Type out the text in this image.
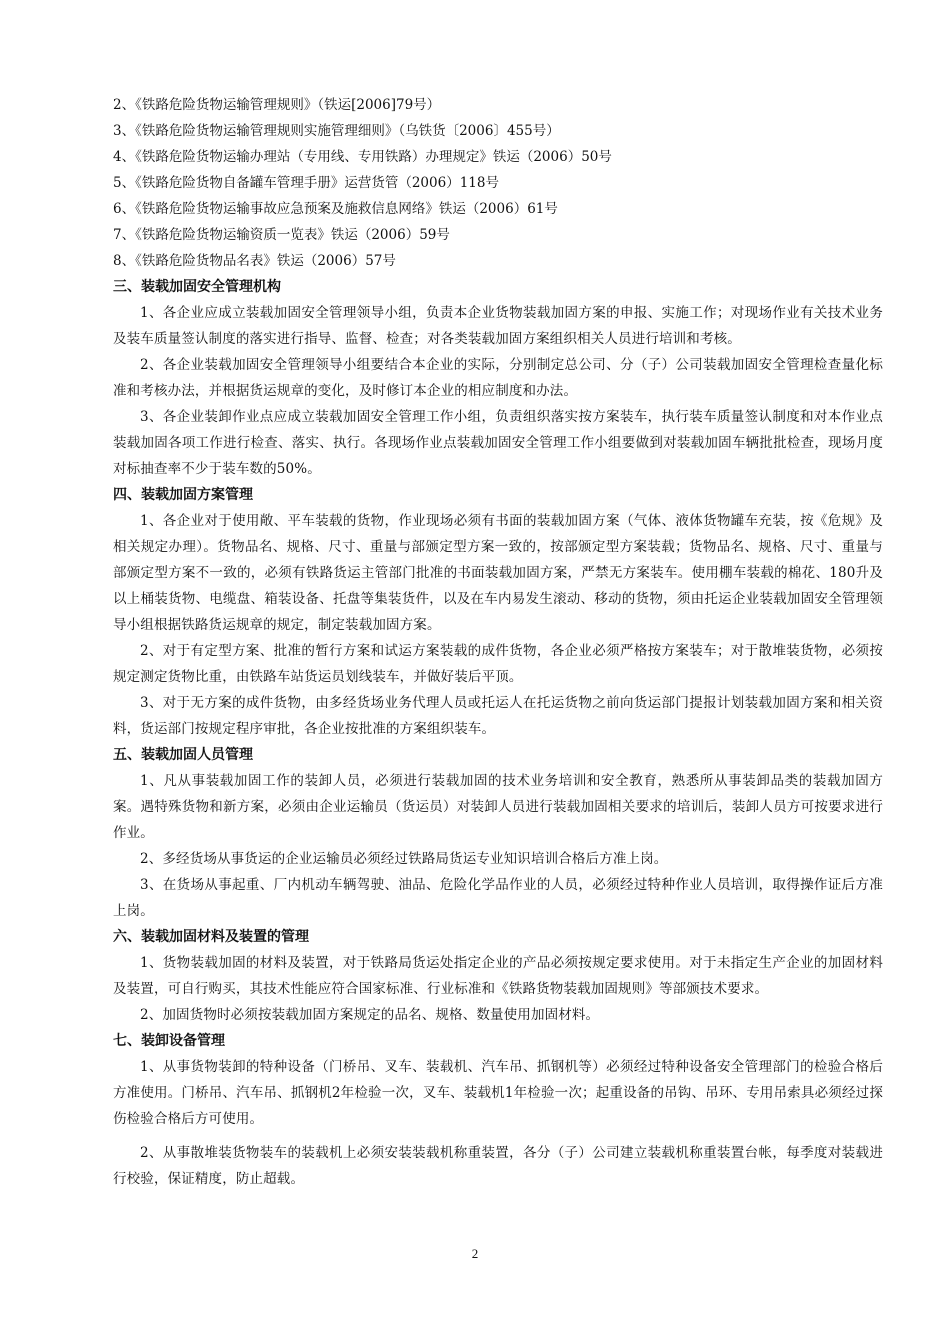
2、《铁路危险货物运输管理规则》（铁运[2006]79号）
3、《铁路危险货物运输管理规则实施管理细则》（乌铁货〔2006〕455号）
4、《铁路危险货物运输办理站（专用线、专用铁路）办理规定》铁运（2006）50号
5、《铁路危险货物自备罐车管理手册》运营货管（2006）118号
6、《铁路危险货物运输事故应急预案及施救信息网络》铁运（2006）61号
7、《铁路危险货物运输资质一览表》铁运（2006）59号
8、《铁路危险货物品名表》铁运（2006）57号
三、装载加固安全管理机构

1、各企业应成立装载加固安全管理领导小组，负责本企业货物装载加固方案的申报、实施工作；对现场作业有关技术业务及装车质量签认制度的落实进行指导、监督、检查；对各类装载加固方案组织相关人员进行培训和考核。

2、各企业装载加固安全管理领导小组要结合本企业的实际，分别制定总公司、分（子）公司装载加固安全管理检查量化标准和考核办法，并根据货运规章的变化，及时修订本企业的相应制度和办法。

3、各企业装卸作业点应成立装载加固安全管理工作小组，负责组织落实按方案装车，执行装车质量签认制度和对本作业点装载加固各项工作进行检查、落实、执行。各现场作业点装载加固安全管理工作小组要做到对装载加固车辆批批检查，现场月度对标抽查率不少于装车数的50%。

四、装载加固方案管理

1、各企业对于使用敞、平车装载的货物，作业现场必须有书面的装载加固方案（气体、液体货物罐车充装，按《危规》及相关规定办理）。货物品名、规格、尺寸、重量与部颁定型方案一致的，按部颁定型方案装载；货物品名、规格、尺寸、重量与部颁定型方案不一致的，必须有铁路货运主管部门批准的书面装载加固方案，严禁无方案装车。使用棚车装载的棉花、180升及以上桶装货物、电缆盘、箱装设备、托盘等集装货件，以及在车内易发生滚动、移动的货物，须由托运企业装载加固安全管理领导小组根据铁路货运规章的规定，制定装载加固方案。

2、对于有定型方案、批准的暂行方案和试运方案装载的成件货物，各企业必须严格按方案装车；对于散堆装货物，必须按规定测定货物比重，由铁路车站货运员划线装车，并做好装后平顶。

3、对于无方案的成件货物，由多经货场业务代理人员或托运人在托运货物之前向货运部门提报计划装载加固方案和相关资料，货运部门按规定程序审批，各企业按批准的方案组织装车。

五、装载加固人员管理

1、凡从事装载加固工作的装卸人员，必须进行装载加固的技术业务培训和安全教育，熟悉所从事装卸品类的装载加固方案。遇特殊货物和新方案，必须由企业运输员（货运员）对装卸人员进行装载加固相关要求的培训后，装卸人员方可按要求进行作业。

2、多经货场从事货运的企业运输员必须经过铁路局货运专业知识培训合格后方准上岗。

3、在货场从事起重、厂内机动车辆驾驶、油品、危险化学品作业的人员，必须经过特种作业人员培训，取得操作证后方准上岗。

六、装载加固材料及装置的管理

1、货物装载加固的材料及装置，对于铁路局货运处指定企业的产品必须按规定要求使用。对于未指定生产企业的加固材料及装置，可自行购买，其技术性能应符合国家标准、行业标准和《铁路货物装载加固规则》等部颁技术要求。

2、加固货物时必须按装载加固方案规定的品名、规格、数量使用加固材料。

七、装卸设备管理

1、从事货物装卸的特种设备（门桥吊、叉车、装载机、汽车吊、抓钢机等）必须经过特种设备安全管理部门的检验合格后方准使用。门桥吊、汽车吊、抓钢机2年检验一次，叉车、装载机1年检验一次；起重设备的吊钩、吊环、专用吊索具必须经过探伤检验合格后方可使用。

2、从事散堆装货物装车的装载机上必须安装装载机称重装置，各分（子）公司建立装载机称重装置台帐，每季度对装载进行校验，保证精度，防止超载。

2
